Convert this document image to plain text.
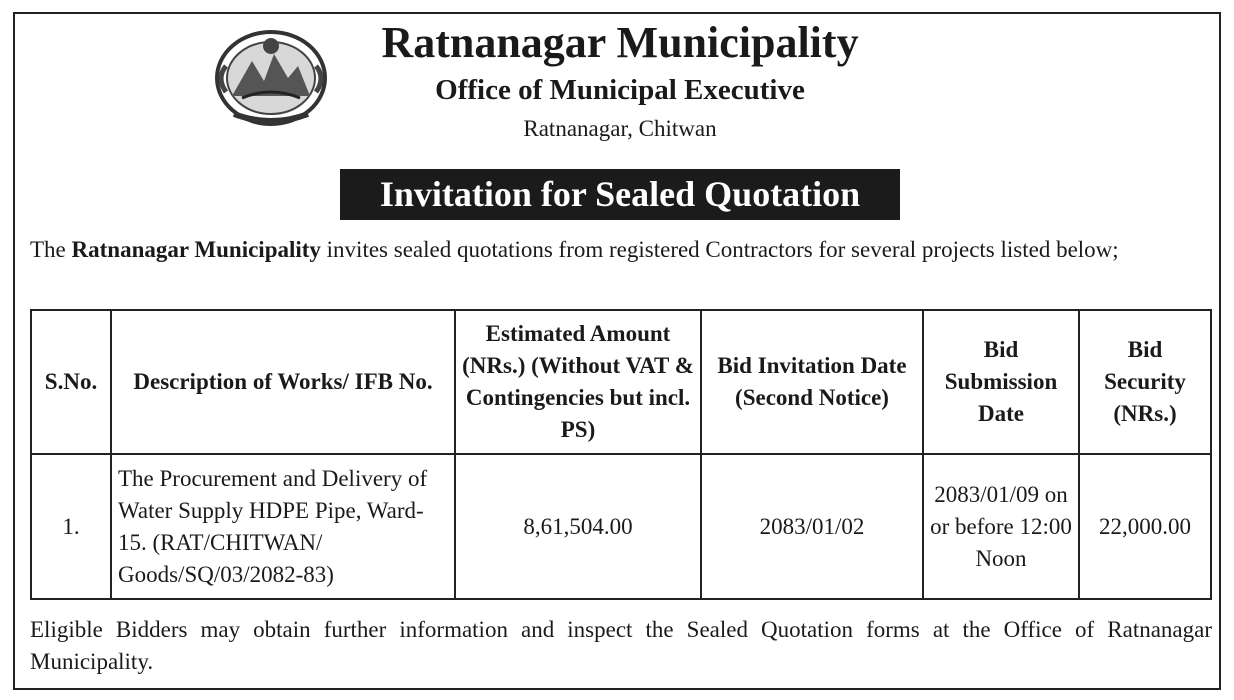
Ratnanagar Municipality
Office of Municipal Executive
Ratnanagar, Chitwan
Invitation for Sealed Quotation
The Ratnanagar Municipality invites sealed quotations from registered Contractors for several projects listed below;
S.No.	Description of Works/ IFB No.	Estimated Amount (NRs.) (Without VAT & Contingencies but incl. PS)	Bid Invitation Date (Second Notice)	Bid Submission Date	Bid Security (NRs.)
1.	The Procurement and Delivery of Water Supply HDPE Pipe, Ward-15. (RAT/CHITWAN/ Goods/SQ/03/2082-83)	8,61,504.00	2083/01/02	2083/01/09 on or before 12:00 Noon	22,000.00
Eligible Bidders may obtain further information and inspect the Sealed Quotation forms at the Office of Ratnanagar Municipality.
